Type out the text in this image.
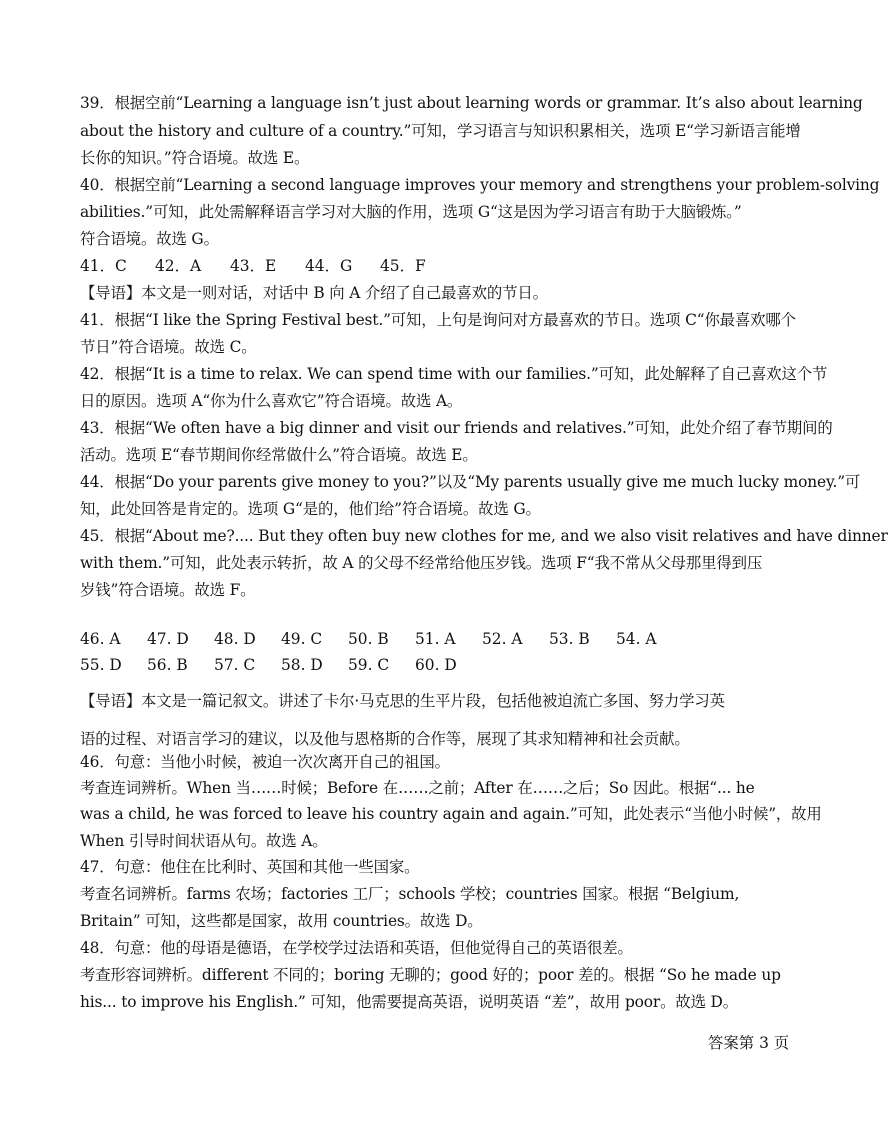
39．根据空前“Learning a language isn’t just about learning words or grammar. It’s also about learning
about the history and culture of a country.”可知，学习语言与知识积累相关，选项 E“学习新语言能增
长你的知识。”符合语境。故选 E。
40．根据空前“Learning a second language improves your memory and strengthens your problem-solving
abilities.”可知，此处需解释语言学习对大脑的作用，选项 G“这是因为学习语言有助于大脑锻炼。”
符合语境。故选 G。
41．C 42．A 43．E 44．G 45．F
【导语】本文是一则对话，对话中 B 向 A 介绍了自己最喜欢的节日。
41．根据“I like the Spring Festival best.”可知，上句是询问对方最喜欢的节日。选项 C“你最喜欢哪个
节日”符合语境。故选 C。
42．根据“It is a time to relax. We can spend time with our families.”可知，此处解释了自己喜欢这个节
日的原因。选项 A“你为什么喜欢它”符合语境。故选 A。
43．根据“We often have a big dinner and visit our friends and relatives.”可知，此处介绍了春节期间的
活动。选项 E“春节期间你经常做什么”符合语境。故选 E。
44．根据“Do your parents give money to you?”以及“My parents usually give me much lucky money.”可
知，此处回答是肯定的。选项 G“是的，他们给”符合语境。故选 G。
45．根据“About me?.... But they often buy new clothes for me, and we also visit relatives and have dinner
with them.”可知，此处表示转折，故 A 的父母不经常给他压岁钱。选项 F“我不常从父母那里得到压
岁钱”符合语境。故选 F。
46. A 47. D 48. D 49. C 50. B 51. A 52. A 53. B 54. A
55. D 56. B 57. C 58. D 59. C 60. D
【导语】本文是一篇记叙文。讲述了卡尔·马克思的生平片段，包括他被迫流亡多国、努力学习英
语的过程、对语言学习的建议，以及他与恩格斯的合作等，展现了其求知精神和社会贡献。
46．句意：当他小时候，被迫一次次离开自己的祖国。
考查连词辨析。When 当……时候；Before 在……之前；After 在……之后；So 因此。根据“... he
was a child, he was forced to leave his country again and again.”可知，此处表示“当他小时候”，故用
When 引导时间状语从句。故选 A。
47．句意：他住在比利时、英国和其他一些国家。
考查名词辨析。farms 农场；factories 工厂；schools 学校；countries 国家。根据 “Belgium,
Britain” 可知，这些都是国家，故用 countries。故选 D。
48．句意：他的母语是德语，在学校学过法语和英语，但他觉得自己的英语很差。
考查形容词辨析。different 不同的；boring 无聊的；good 好的；poor 差的。根据 “So he made up
his... to improve his English.” 可知，他需要提高英语，说明英语 “差”，故用 poor。故选 D。
答案第 3 页
